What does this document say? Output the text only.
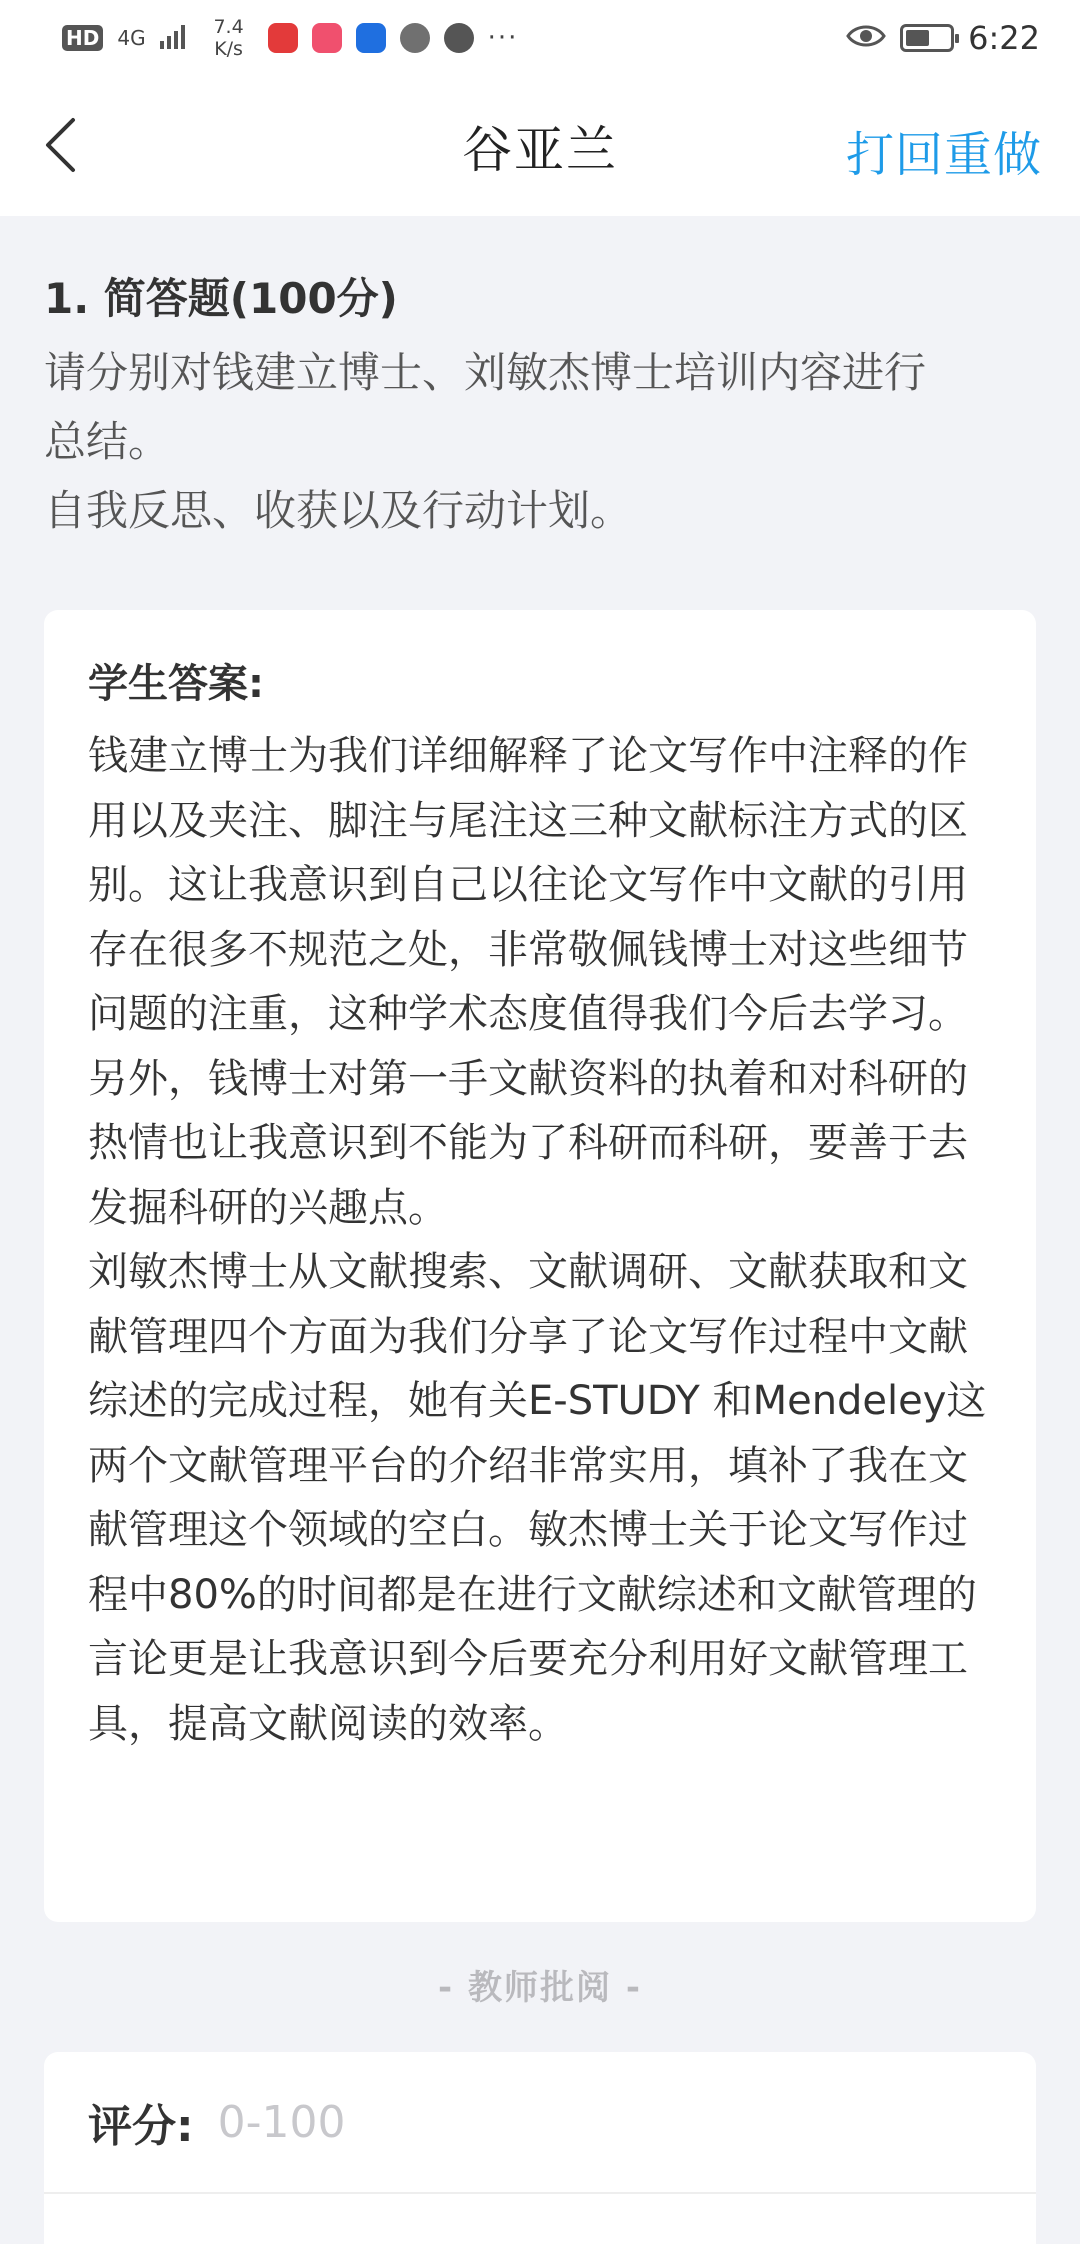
HD 4G	7.4
K/s	···	6:22
谷亚兰	打回重做
1. 简答题(100分)
请分别对钱建立博士、刘敏杰博士培训内容进行
总结。
自我反思、收获以及行动计划。
学生答案:

钱建立博士为我们详细解释了论文写作中注释的作用以及夹注、脚注与尾注这三种文献标注方式的区别。这让我意识到自己以往论文写作中文献的引用存在很多不规范之处，非常敬佩钱博士对这些细节问题的注重，这种学术态度值得我们今后去学习。另外，钱博士对第一手文献资料的执着和对科研的热情也让我意识到不能为了科研而科研，要善于去发掘科研的兴趣点。

刘敏杰博士从文献搜索、文献调研、文献获取和文献管理四个方面为我们分享了论文写作过程中文献综述的完成过程，她有关E-STUDY 和Mendeley这两个文献管理平台的介绍非常实用，填补了我在文献管理这个领域的空白。敏杰博士关于论文写作过程中80%的时间都是在进行文献综述和文献管理的言论更是让我意识到今后要充分利用好文献管理工具，提高文献阅读的效率。

- 教师批阅 -
评分:
0-100
